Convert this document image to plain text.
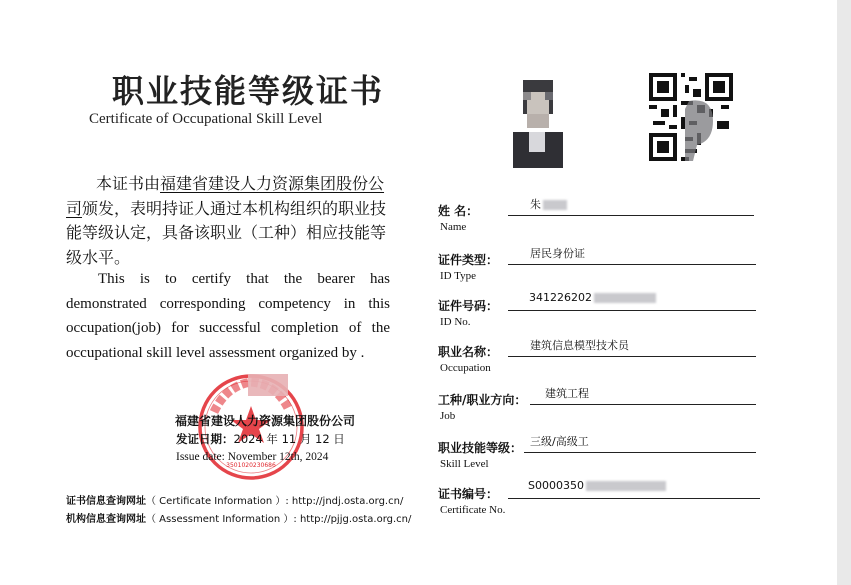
职业技能等级证书
Certificate of Occupational Skill Level
本证书由福建省建设人力资源集团股份公司颁发，表明持证人通过本机构组织的职业技能等级认定，具备该职业（工种）相应技能等级水平。
This is to certify that the bearer has demonstrated corresponding competency in this occupation(job) for successful completion of the occupational skill level assessment organized by .
3501020230686
福建省建设人力资源集团股份公司
发证日期：2024 年 11 月 12 日
Issue date: November 12th, 2024
证书信息查询网址（ Certificate Information ）: http://jndj.osta.org.cn/
机构信息查询网址（ Assessment Information ）: http://pjjg.osta.org.cn/
姓 名：
Name
朱
证件类型：
ID Type
居民身份证
证件号码：
ID No.
341226202
职业名称：
Occupation
建筑信息模型技术员
工种/职业方向：
Job
建筑工程
职业技能等级：
Skill Level
三级/高级工
证书编号：
Certificate No.
S0000350
